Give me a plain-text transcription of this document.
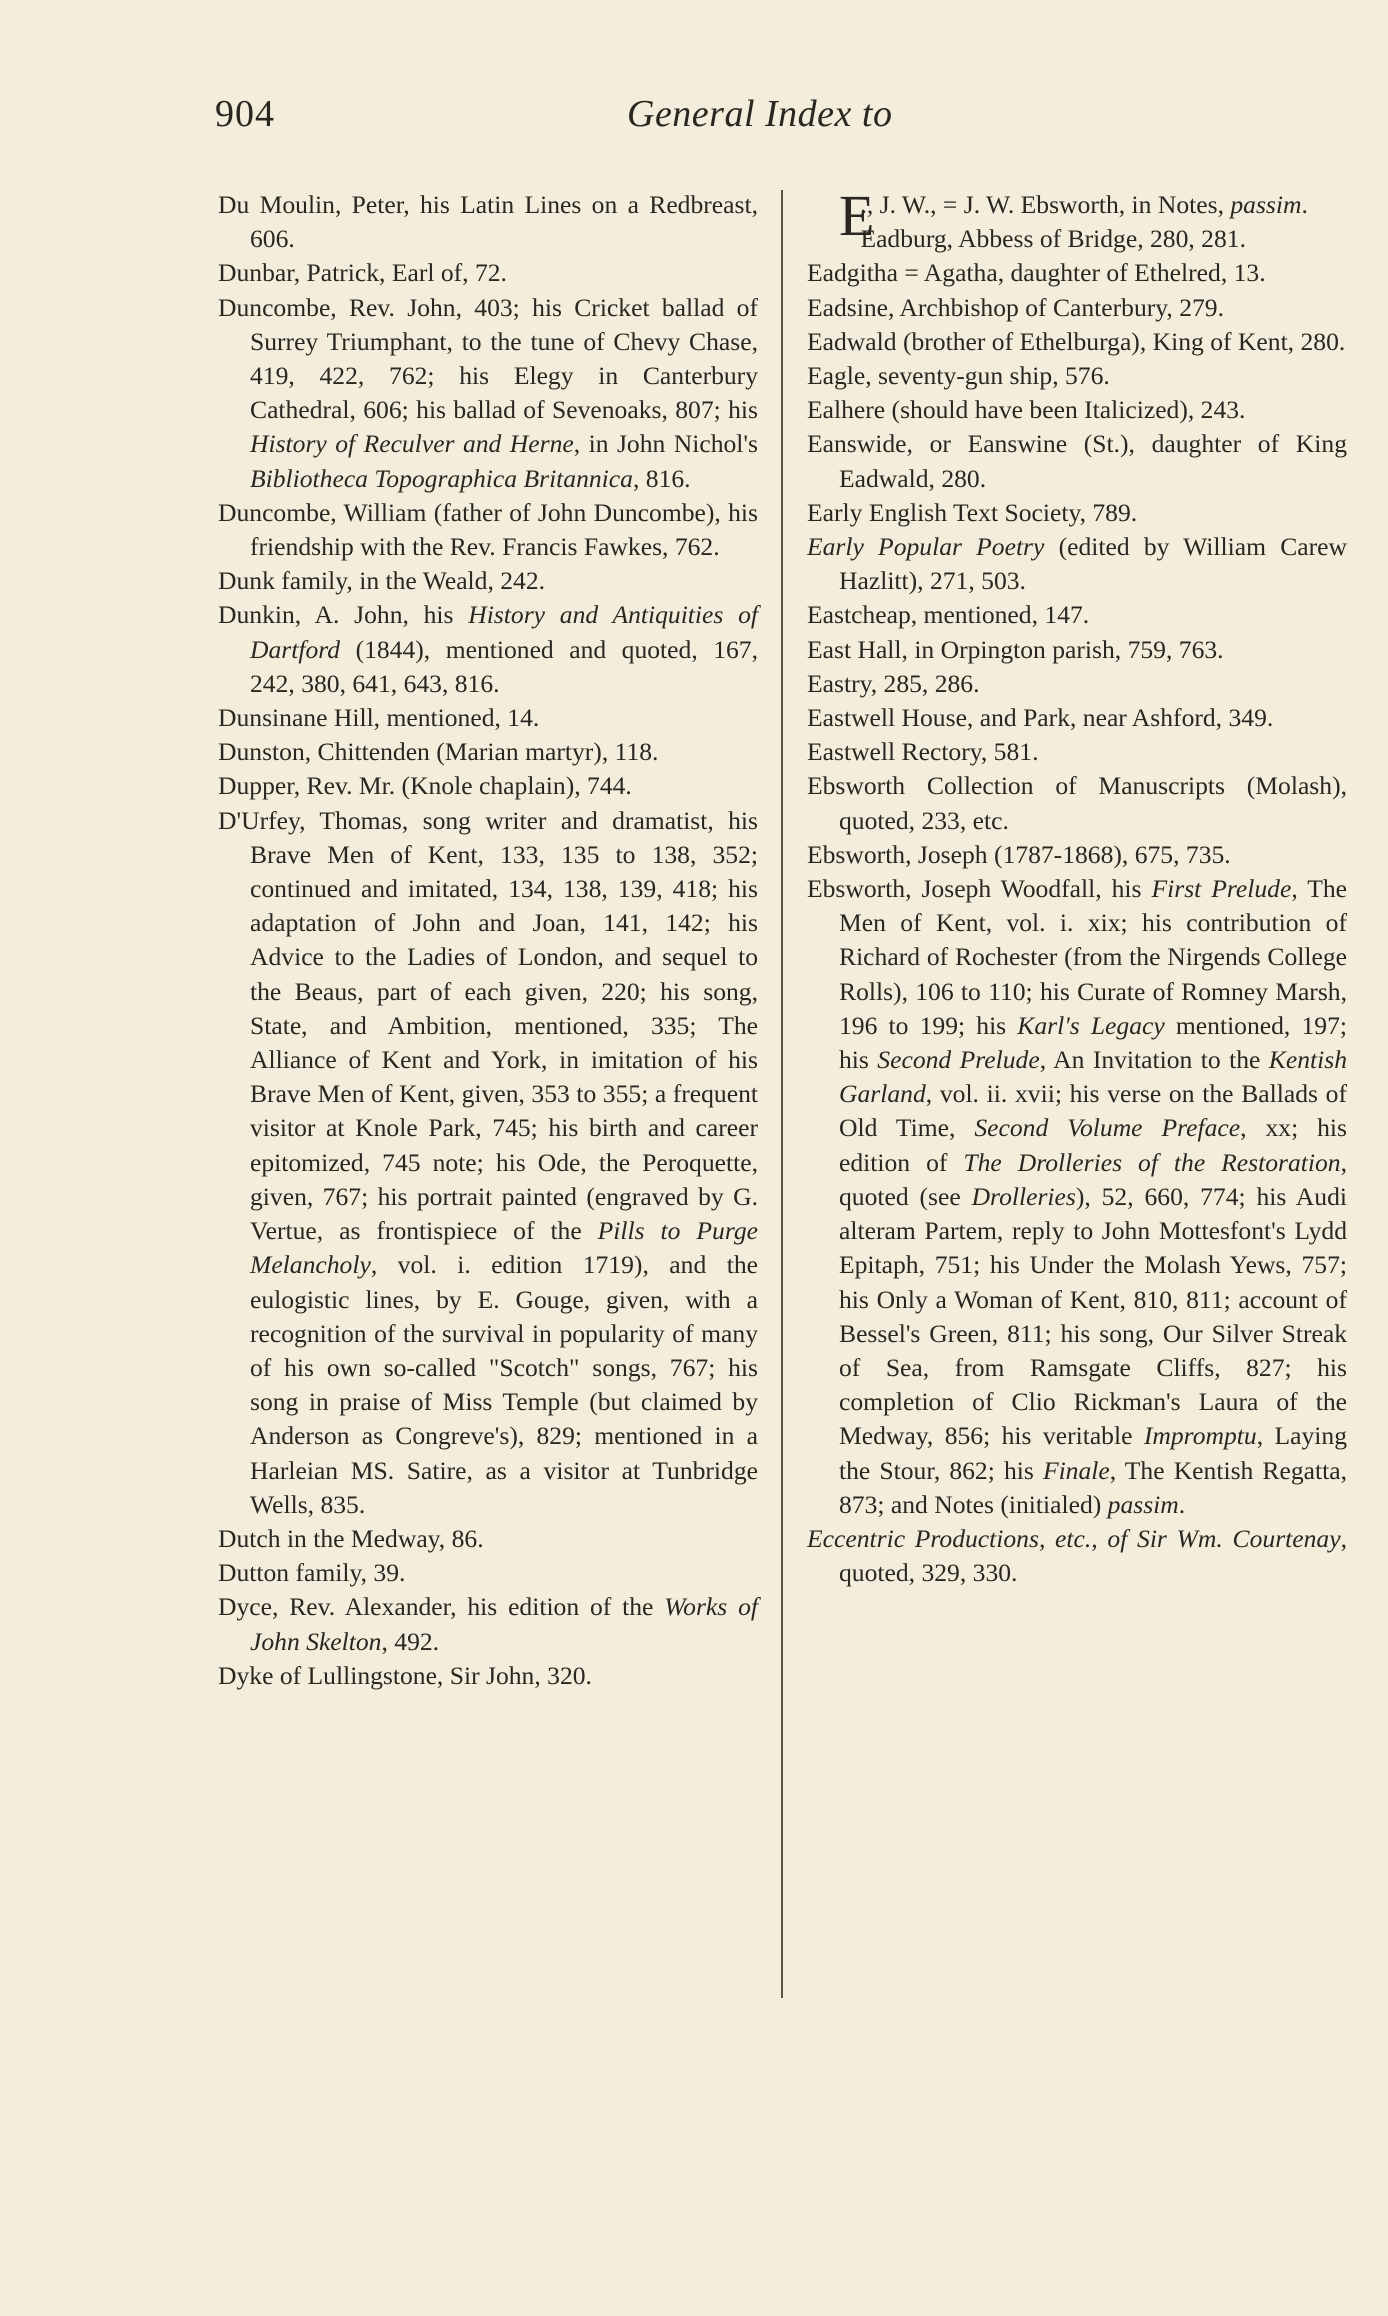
904	General Index to

Du Moulin, Peter, his Latin Lines on a Redbreast, 606.

Dunbar, Patrick, Earl of, 72.

Duncombe, Rev. John, 403; his Cricket ballad of Surrey Triumphant, to the tune of Chevy Chase, 419, 422, 762; his Elegy in Canterbury Cathedral, 606; his ballad of Sevenoaks, 807; his History of Reculver and Herne, in John Nichol's Bibliotheca Topographica Britannica, 816.

Duncombe, William (father of John Duncombe), his friendship with the Rev. Francis Fawkes, 762.

Dunk family, in the Weald, 242.

Dunkin, A. John, his History and Antiquities of Dartford (1844), mentioned and quoted, 167, 242, 380, 641, 643, 816.

Dunsinane Hill, mentioned, 14.

Dunston, Chittenden (Marian martyr), 118.

Dupper, Rev. Mr. (Knole chaplain), 744.

D'Urfey, Thomas, song writer and dramatist, his Brave Men of Kent, 133, 135 to 138, 352; continued and imitated, 134, 138, 139, 418; his adaptation of John and Joan, 141, 142; his Advice to the Ladies of London, and sequel to the Beaus, part of each given, 220; his song, State, and Ambition, mentioned, 335; The Alliance of Kent and York, in imitation of his Brave Men of Kent, given, 353 to 355; a frequent visitor at Knole Park, 745; his birth and career epitomized, 745 note; his Ode, the Peroquette, given, 767; his portrait painted (engraved by G. Vertue, as frontispiece of the Pills to Purge Melancholy, vol. i. edition 1719), and the eulogistic lines, by E. Gouge, given, with a recognition of the survival in popularity of many of his own so-called "Scotch" songs, 767; his song in praise of Miss Temple (but claimed by Anderson as Congreve's), 829; mentioned in a Harleian MS. Satire, as a visitor at Tunbridge Wells, 835.

Dutch in the Medway, 86.

Dutton family, 39.

Dyce, Rev. Alexander, his edition of the Works of John Skelton, 492.

Dyke of Lullingstone, Sir John, 320.

E
., J. W., = J. W. Ebsworth, in Notes, passim.

Eadburg, Abbess of Bridge, 280, 281.

Eadgitha = Agatha, daughter of Ethelred, 13.

Eadsine, Archbishop of Canterbury, 279.

Eadwald (brother of Ethelburga), King of Kent, 280.

Eagle, seventy-gun ship, 576.

Ealhere (should have been Italicized), 243.

Eanswide, or Eanswine (St.), daughter of King Eadwald, 280.

Early English Text Society, 789.

Early Popular Poetry (edited by William Carew Hazlitt), 271, 503.

Eastcheap, mentioned, 147.

East Hall, in Orpington parish, 759, 763.

Eastry, 285, 286.

Eastwell House, and Park, near Ashford, 349.

Eastwell Rectory, 581.

Ebsworth Collection of Manuscripts (Molash), quoted, 233, etc.

Ebsworth, Joseph (1787-1868), 675, 735.

Ebsworth, Joseph Woodfall, his First Prelude, The Men of Kent, vol. i. xix; his contribution of Richard of Rochester (from the Nirgends College Rolls), 106 to 110; his Curate of Romney Marsh, 196 to 199; his Karl's Legacy mentioned, 197; his Second Prelude, An Invitation to the Kentish Garland, vol. ii. xvii; his verse on the Ballads of Old Time, Second Volume Preface, xx; his edition of The Drolleries of the Restoration, quoted (see Drolleries), 52, 660, 774; his Audi alteram Partem, reply to John Mottesfont's Lydd Epitaph, 751; his Under the Molash Yews, 757; his Only a Woman of Kent, 810, 811; account of Bessel's Green, 811; his song, Our Silver Streak of Sea, from Ramsgate Cliffs, 827; his completion of Clio Rickman's Laura of the Medway, 856; his veritable Impromptu, Laying the Stour, 862; his Finale, The Kentish Regatta, 873; and Notes (initialed) passim.

Eccentric Productions, etc., of Sir Wm. Courtenay, quoted, 329, 330.
